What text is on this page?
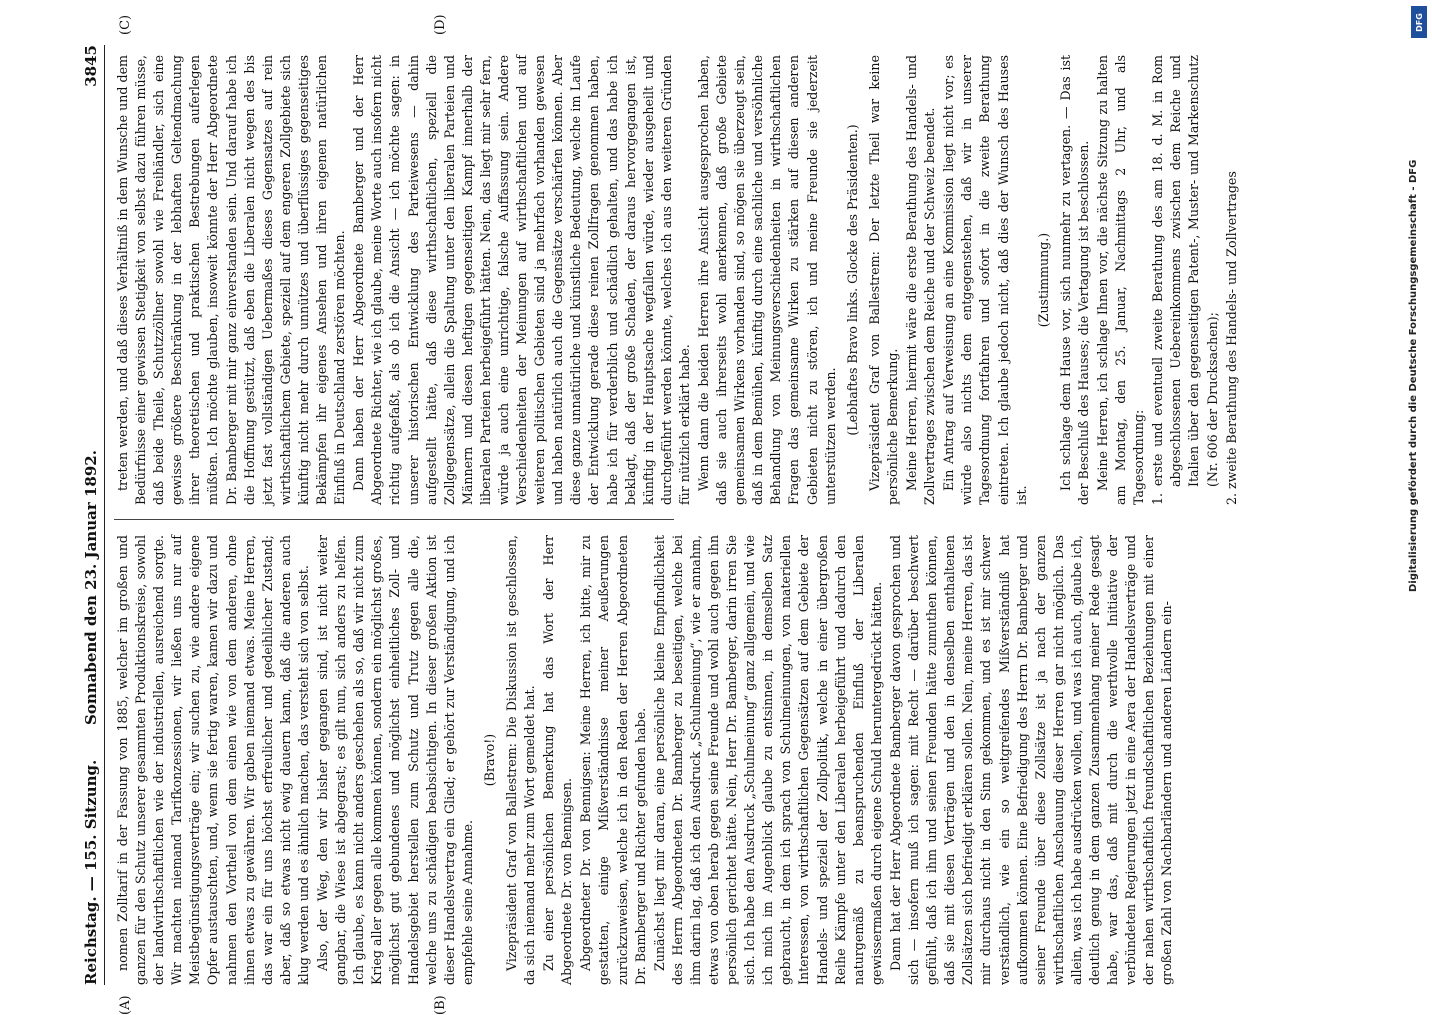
Reichstag. — 155. Sitzung.
Sonnabend den 23. Januar 1892.
3845
(A)	(B)
(C)	(D)

nomen Zolltarif in der Fassung von 1885, welcher im großen und ganzen für den Schutz unserer gesammten Produktionskreise, sowohl der landwirthschaftlichen wie der industriellen, ausreichend sorgte. Wir machten niemand Tarifkonzessionen, wir ließen uns nur auf Meistbegünstigungsverträge ein; wir suchen zu, wie andere eigene Opfer austauschten, und, wenn sie fertig waren, kamen wir dazu und nahmen den Vortheil von dem einen wie von dem anderen, ohne ihnen etwas zu gewähren. Wir gaben niemand etwas. Meine Herren, das war ein für uns höchst erfreulicher und gedeihlicher Zustand; aber, daß so etwas nicht ewig dauern kann, daß die anderen auch klug werden und es ähnlich machen, das versteht sich von selbst. Also, der Weg, den wir bisher gegangen sind, ist nicht weiter gangbar, die Wiese ist abgegrast; es gilt nun, sich anders zu helfen. Ich glaube, es kann nicht anders geschehen als so, daß wir nicht zum Krieg aller gegen alle kommen können, sondern ein möglichst großes, möglichst gut gebundenes und möglichst einheitliches Zoll- und Handelsgebiet herstellen zum Schutz und Trutz gegen alle die, welche uns zu schädigen beabsichtigen. In dieser großen Aktion ist dieser Handelsvertrag ein Glied; er gehört zur Verständigung, und ich empfehle seine Annahme.

(Bravo!) Vizepräsident Graf von Ballestrem: Die Diskussion ist geschlossen, da sich niemand mehr zum Wort gemeldet hat. Zu einer persönlichen Bemerkung hat das Wort der Herr Abgeordnete Dr. von Bennigsen. Abgeordneter Dr. von Bennigsen: Meine Herren, ich bitte, mir zu gestatten, einige Mißverständnisse meiner Aeußerungen zurückzuweisen, welche ich in den Reden der Herren Abgeordneten Dr. Bamberger und Richter gefunden habe. Zunächst liegt mir daran, eine persönliche kleine Empfindlichkeit des Herrn Abgeordneten Dr. Bamberger zu beseitigen, welche bei ihm darin lag, daß ich den Ausdruck „Schulmeinung“, wie er annahm, etwas von oben herab gegen seine Freunde und wohl auch gegen ihn persönlich gerichtet hätte. Nein, Herr Dr. Bamberger, darin irren Sie sich. Ich habe den Ausdruck „Schulmeinung“ ganz allgemein, und wie ich mich im Augenblick glaube zu entsinnen, in demselben Satz gebraucht, in dem ich sprach von Schulmeinungen, von materiellen Interessen, von wirthschaftlichen Gegensätzen auf dem Gebiete der Handels- und speziell der Zollpolitik, welche in einer übergroßen Reihe Kämpfe unter den Liberalen herbeigeführt und dadurch den naturgemäß zu beanspruchenden Einfluß der Liberalen gewissermaßen durch eigene Schuld heruntergedrückt hätten. Dann hat der Herr Abgeordnete Bamberger davon gesprochen und sich — insofern muß ich sagen: mit Recht — darüber beschwert gefühlt, daß ich ihm und seinen Freunden hätte zumuthen können, daß sie mit diesen Verträgen und den in denselben enthaltenen Zollsätzen sich befriedigt erklären sollen. Nein, meine Herren, das ist mir durchaus nicht in den Sinn gekommen, und es ist mir schwer verständlich, wie ein so weitgreifendes Mißverständniß hat aufkommen können. Eine Befriedigung des Herrn Dr. Bamberger und seiner Freunde über diese Zollsätze ist ja nach der ganzen wirthschaftlichen Anschauung dieser Herren gar nicht möglich. Das allein, was ich habe ausdrücken wollen, und was ich auch, glaube ich, deutlich genug in dem ganzen Zusammenhang meiner Rede gesagt habe, war das, daß mit durch die werthvolle Initiative der verbündeten Regierungen jetzt in eine Aera der Handelsverträge und der nahen wirthschaftlich freundschaftlichen Beziehungen mit einer großen Zahl von Nachbarländern und anderen Ländern ein-

treten werden, und daß dieses Verhältniß in dem Wunsche und dem Bedürfnisse einer gewissen Stetigkeit von selbst dazu führen müsse, daß beide Theile, Schutzzöllner sowohl wie Freihändler, sich eine gewisse größere Beschränkung in der lebhaften Geltendmachung ihrer theoretischen und praktischen Bestrebungen auferlegen müßten. Ich möchte glauben, insoweit könnte der Herr Abgeordnete Dr. Bamberger mit mir ganz einverstanden sein. Und darauf habe ich die Hoffnung gestützt, daß eben die Liberalen nicht wegen des bis jetzt fast vollständigen Uebermaßes dieses Gegensatzes auf rein wirthschaftlichem Gebiete, speziell auf dem engeren Zollgebiete sich künftig nicht mehr durch unnützes und überflüssiges gegenseitiges Bekämpfen ihr eigenes Ansehen und ihren eigenen natürlichen Einfluß in Deutschland zerstören möchten. Dann haben der Herr Abgeordnete Bamberger und der Herr Abgeordnete Richter, wie ich glaube, meine Worte auch insofern nicht richtig aufgefaßt, als ob ich die Ansicht — ich möchte sagen: in unserer historischen Entwicklung des Parteiwesens — dahin aufgestellt hätte, daß diese wirthschaftlichen, speziell die Zollgegensätze, allein die Spaltung unter den liberalen Parteien und Männern und diesen heftigen gegenseitigen Kampf innerhalb der liberalen Parteien herbeigeführt hätten. Nein, das liegt mir sehr fern, würde ja auch eine unrichtige, falsche Auffassung sein. Andere Verschiedenheiten der Meinungen auf wirthschaftlichen und auf weiteren politischen Gebieten sind ja mehrfach vorhanden gewesen und haben natürlich auch die Gegensätze verschärfen können. Aber diese ganze unnatürliche und künstliche Bedeutung, welche im Laufe der Entwicklung gerade diese reinen Zollfragen genommen haben, habe ich für verderblich und schädlich gehalten, und das habe ich beklagt, daß der große Schaden, der daraus hervorgegangen ist, künftig in der Hauptsache wegfallen würde, wieder ausgeheilt und durchgeführt werden könnte, welches ich aus den weiteren Gründen für nützlich erklärt habe. Wenn dann die beiden Herren ihre Ansicht ausgesprochen haben, daß sie auch ihrerseits wohl anerkennen, daß große Gebiete gemeinsamen Wirkens vorhanden sind, so mögen sie überzeugt sein, daß in dem Bemühen, künftig durch eine sachliche und versöhnliche Behandlung von Meinungsverschiedenheiten in wirthschaftlichen Fragen das gemeinsame Wirken zu stärken auf diesen anderen Gebieten nicht zu stören, ich und meine Freunde sie jederzeit unterstützen werden.

(Lebhaftes Bravo links. Glocke des Präsidenten.) Vizepräsident Graf von Ballestrem: Der letzte Theil war keine persönliche Bemerkung. Meine Herren, hiermit wäre die erste Berathung des Handels- und Zollvertrages zwischen dem Reiche und der Schweiz beendet. Ein Antrag auf Verweisung an eine Kommission liegt nicht vor; es würde also nichts dem entgegenstehen, daß wir in unserer Tagesordnung fortfahren und sofort in die zweite Berathung eintreten. Ich glaube jedoch nicht, daß dies der Wunsch des Hauses ist.

(Zustimmung.) Ich schlage dem Hause vor, sich nunmehr zu vertagen. — Das ist der Beschluß des Hauses; die Vertagung ist beschlossen. Meine Herren, ich schlage Ihnen vor, die nächste Sitzung zu halten am Montag, den 25. Januar, Nachmittags 2 Uhr, und als Tagesordnung: 1. erste und eventuell zweite Berathung des am 18. d. M. in Rom abgeschlossenen Uebereinkommens zwischen dem Reiche und Italien über den gegenseitigen Patent-, Muster- und Markenschutz (Nr. 606 der Drucksachen); 2. zweite Berathung des Handels- und Zollvertrages

DFG
Digitalisierung gefördert durch die Deutsche Forschungsgemeinschaft - DFG
